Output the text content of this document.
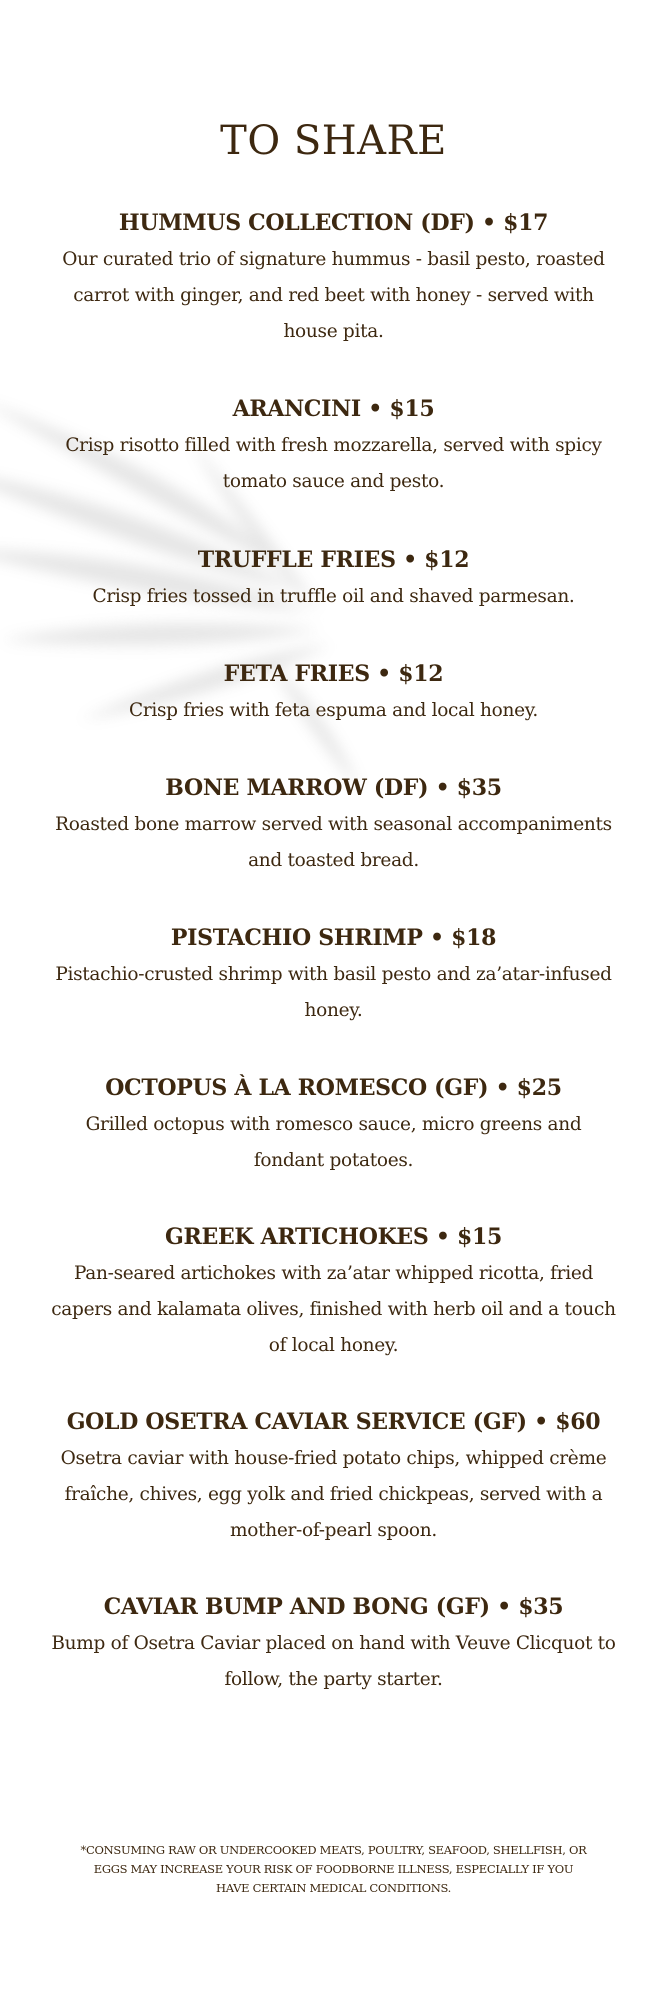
TO SHARE
HUMMUS COLLECTION (DF) • $17

Our curated trio of signature hummus - basil pesto, roasted carrot with ginger, and red beet with honey - served with house pita.

ARANCINI • $15

Crisp risotto filled with fresh mozzarella, served with spicy tomato sauce and pesto.

TRUFFLE FRIES • $12

Crisp fries tossed in truffle oil and shaved parmesan.

FETA FRIES • $12

Crisp fries with feta espuma and local honey.

BONE MARROW (DF) • $35

Roasted bone marrow served with seasonal accompaniments and toasted bread.

PISTACHIO SHRIMP • $18

Pistachio-crusted shrimp with basil pesto and za’atar-infused honey.

OCTOPUS À LA ROMESCO (GF) • $25

Grilled octopus with romesco sauce, micro greens and fondant potatoes.

GREEK ARTICHOKES • $15

Pan-seared artichokes with za’atar whipped ricotta, fried capers and kalamata olives, finished with herb oil and a touch of local honey.

GOLD OSETRA CAVIAR SERVICE (GF) • $60

Osetra caviar with house-fried potato chips, whipped crème fraîche, chives, egg yolk and fried chickpeas, served with a mother-of-pearl spoon.

CAVIAR BUMP AND BONG (GF) • $35

Bump of Osetra Caviar placed on hand with Veuve Clicquot to follow, the party starter.

*CONSUMING RAW OR UNDERCOOKED MEATS, POULTRY, SEAFOOD, SHELLFISH, OR EGGS MAY INCREASE YOUR RISK OF FOODBORNE ILLNESS, ESPECIALLY IF YOU HAVE CERTAIN MEDICAL CONDITIONS.
